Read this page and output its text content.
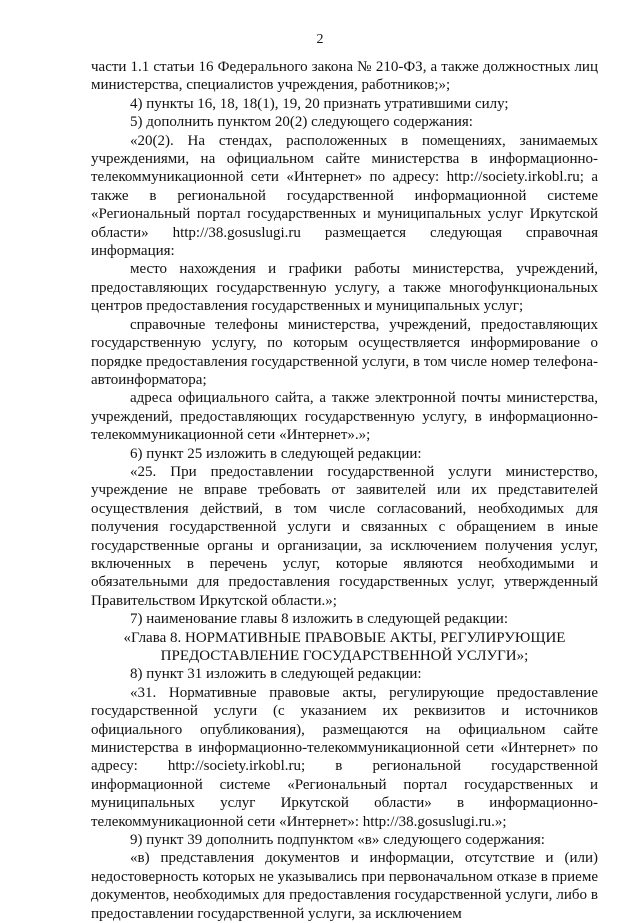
2

части 1.1 статьи 16 Федерального закона № 210-ФЗ, а также должностных лиц министерства, специалистов учреждения, работников;»;

4) пункты 16, 18, 18(1), 19, 20 признать утратившими силу;

5) дополнить пунктом 20(2) следующего содержания:

«20(2). На стендах, расположенных в помещениях, занимаемых учреждениями, на официальном сайте министерства в информационно-телекоммуникационной сети «Интернет» по адресу: http://society.irkobl.ru; а также в региональной государственной информационной системе «Региональный портал государственных и муниципальных услуг Иркутской области» http://38.gosuslugi.ru размещается следующая справочная информация:

место нахождения и графики работы министерства, учреждений, предоставляющих государственную услугу, а также многофункциональных центров предоставления государственных и муниципальных услуг;

справочные телефоны министерства, учреждений, предоставляющих государственную услугу, по которым осуществляется информирование о порядке предоставления государственной услуги, в том числе номер телефона-автоинформатора;

адреса официального сайта, а также электронной почты министерства, учреждений, предоставляющих государственную услугу, в информационно-телекоммуникационной сети «Интернет».»;

6) пункт 25 изложить в следующей редакции:

«25. При предоставлении государственной услуги министерство, учреждение не вправе требовать от заявителей или их представителей осуществления действий, в том числе согласований, необходимых для получения государственной услуги и связанных с обращением в иные государственные органы и организации, за исключением получения услуг, включенных в перечень услуг, которые являются необходимыми и обязательными для предоставления государственных услуг, утвержденный Правительством Иркутской области.»;

7) наименование главы 8 изложить в следующей редакции:

«Глава 8. НОРМАТИВНЫЕ ПРАВОВЫЕ АКТЫ, РЕГУЛИРУЮЩИЕ ПРЕДОСТАВЛЕНИЕ ГОСУДАРСТВЕННОЙ УСЛУГИ»;

8) пункт 31 изложить в следующей редакции:

«31. Нормативные правовые акты, регулирующие предоставление государственной услуги (с указанием их реквизитов и источников официального опубликования), размещаются на официальном сайте министерства в информационно-телекоммуникационной сети «Интернет» по адресу: http://society.irkobl.ru; в региональной государственной информационной системе «Региональный портал государственных и муниципальных услуг Иркутской области» в информационно-телекоммуникационной сети «Интернет»: http://38.gosuslugi.ru.»;

9) пункт 39 дополнить подпунктом «в» следующего содержания:

«в) представления документов и информации, отсутствие и (или) недостоверность которых не указывались при первоначальном отказе в приеме документов, необходимых для предоставления государственной услуги, либо в предоставлении государственной услуги, за исключением
